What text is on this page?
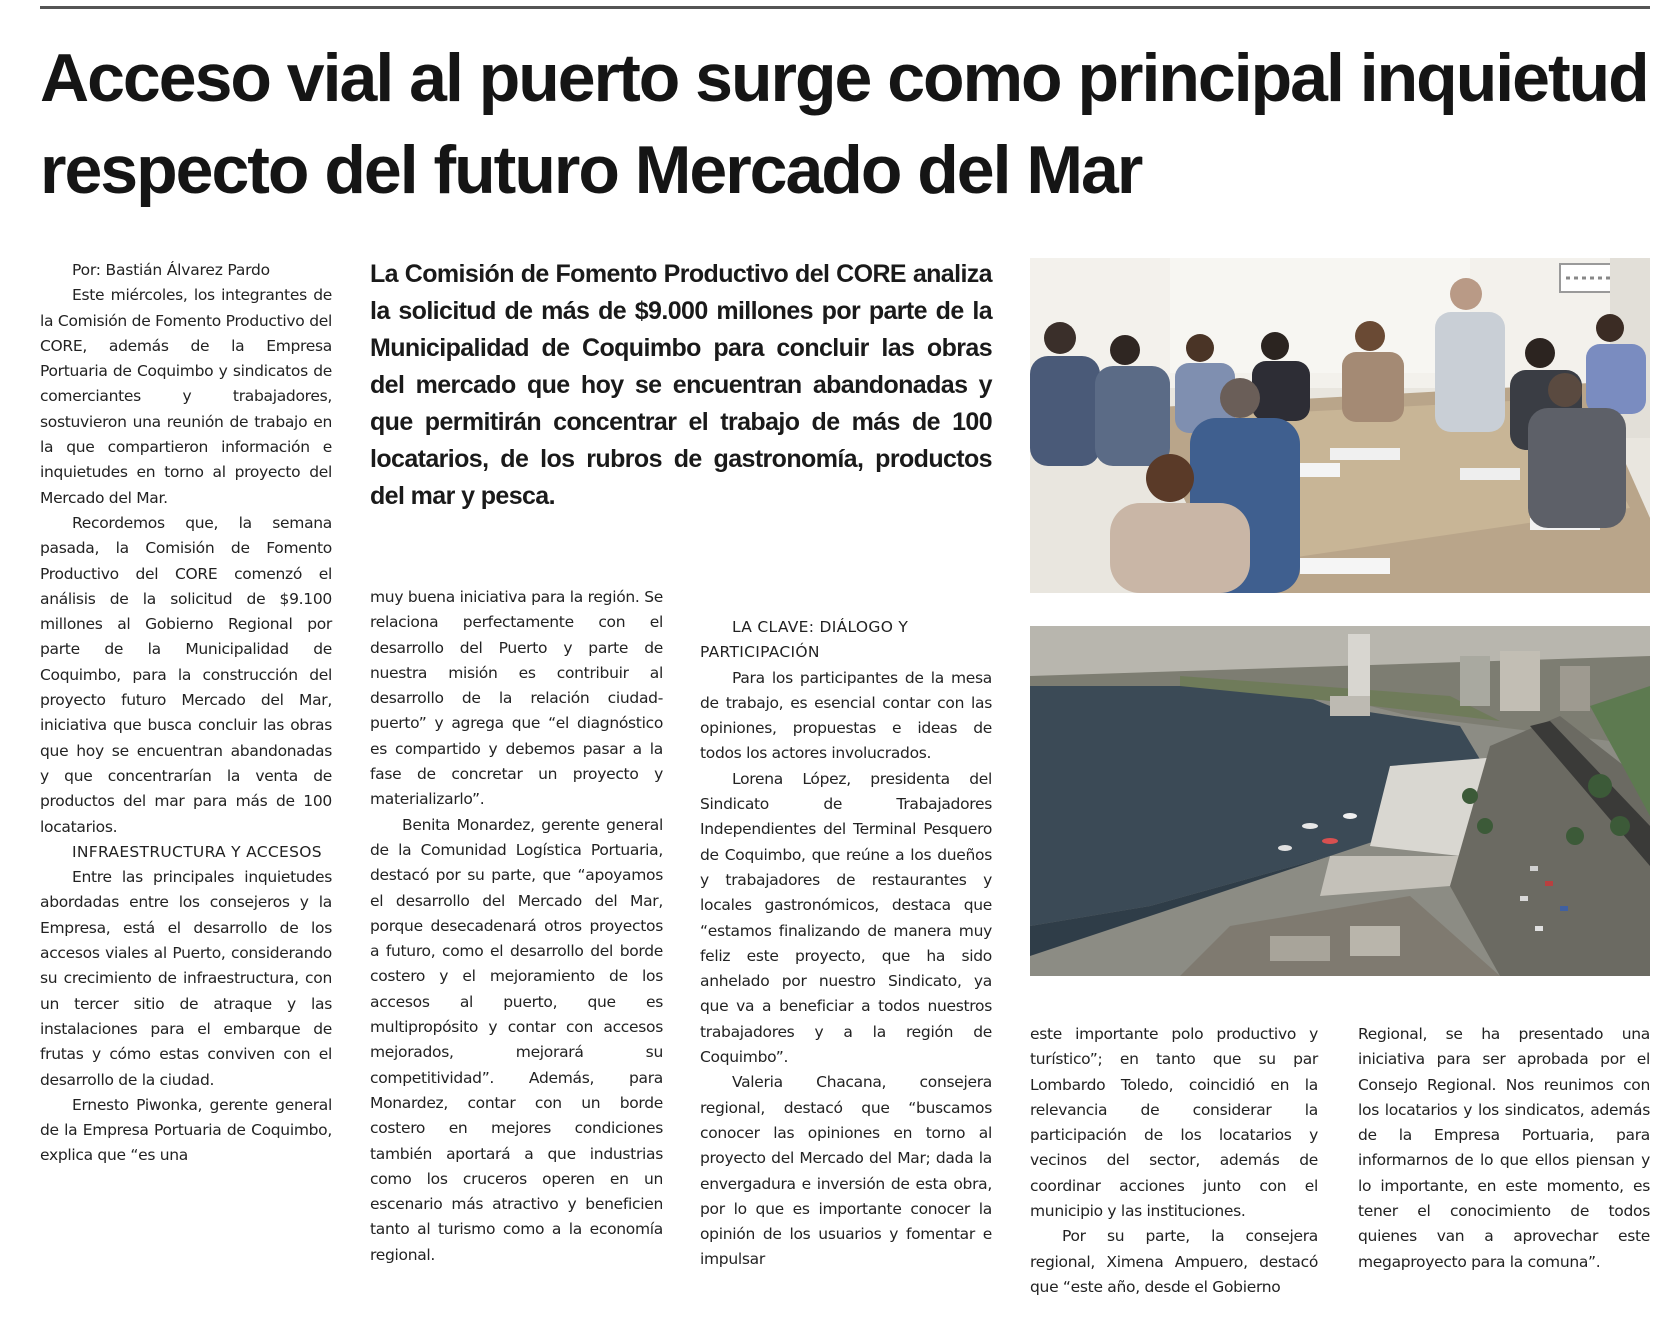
Acceso vial al puerto surge como principal inquietud respecto del futuro Mercado del Mar

Por: Bastián Álvarez Pardo

Este miércoles, los integrantes de la Comisión de Fomento Productivo del CORE, además de la Empresa Portuaria de Coquimbo y sindicatos de comerciantes y trabajadores, sostuvieron una reunión de trabajo en la que compartieron información e inquietudes en torno al proyecto del Mercado del Mar.

Recordemos que, la semana pasada, la Comisión de Fomento Productivo del CORE comenzó el análisis de la solicitud de $9.100 millones al Gobierno Regional por parte de la Municipalidad de Coquimbo, para la construcción del proyecto futuro Mercado del Mar, iniciativa que busca concluir las obras que hoy se encuentran abandonadas y que concentrarían la venta de productos del mar para más de 100 locatarios.

INFRAESTRUCTURA Y ACCESOS

Entre las principales inquietudes abordadas entre los consejeros y la Empresa, está el desarrollo de los accesos viales al Puerto, considerando su crecimiento de infraestructura, con un tercer sitio de atraque y las instalaciones para el embarque de frutas y cómo estas conviven con el desarrollo de la ciudad.

Ernesto Piwonka, gerente general de la Empresa Portuaria de Coquimbo, explica que “es una

La Comisión de Fomento Productivo del CORE analiza la solicitud de más de $9.000 millones por parte de la Municipalidad de Coquimbo para concluir las obras del mercado que hoy se encuentran abandonadas y que permitirán concentrar el trabajo de más de 100 locatarios, de los rubros de gastronomía, productos del mar y pesca.

muy buena iniciativa para la región. Se relaciona perfectamente con el desarrollo del Puerto y parte de nuestra misión es contribuir al desarrollo de la relación ciudad-puerto” y agrega que “el diagnóstico es compartido y debemos pasar a la fase de concretar un proyecto y materializarlo”.

Benita Monardez, gerente general de la Comunidad Logística Portuaria, destacó por su parte, que “apoyamos el desarrollo del Mercado del Mar, porque desecadenará otros proyectos a futuro, como el desarrollo del borde costero y el mejoramiento de los accesos al puerto, que es multipropósito y contar con accesos mejorados, mejorará su competitividad”. Además, para Monardez, contar con un borde costero en mejores condiciones también aportará a que industrias como los cruceros operen en un escenario más atractivo y beneficien tanto al turismo como a la economía regional.

LA CLAVE: DIÁLOGO Y PARTICIPACIÓN

Para los participantes de la mesa de trabajo, es esencial contar con las opiniones, propuestas e ideas de todos los actores involucrados.

Lorena López, presidenta del Sindicato de Trabajadores Independientes del Terminal Pesquero de Coquimbo, que reúne a los dueños y trabajadores de restaurantes y locales gastronómicos, destaca que “estamos finalizando de manera muy feliz este proyecto, que ha sido anhelado por nuestro Sindicato, ya que va a beneficiar a todos nuestros trabajadores y a la región de Coquimbo”.

Valeria Chacana, consejera regional, destacó que “buscamos conocer las opiniones en torno al proyecto del Mercado del Mar; dada la envergadura e inversión de esta obra, por lo que es importante conocer la opinión de los usuarios y fomentar e impulsar

este importante polo productivo y turístico”; en tanto que su par Lombardo Toledo, coincidió en la relevancia de considerar la participación de los locatarios y vecinos del sector, además de coordinar acciones junto con el municipio y las instituciones.

Por su parte, la consejera regional, Ximena Ampuero, destacó que “este año, desde el Gobierno

Regional, se ha presentado una iniciativa para ser aprobada por el Consejo Regional. Nos reunimos con los locatarios y los sindicatos, además de la Empresa Portuaria, para informarnos de lo que ellos piensan y lo importante, en este momento, es tener el conocimiento de todos quienes van a aprovechar este megaproyecto para la comuna”.
